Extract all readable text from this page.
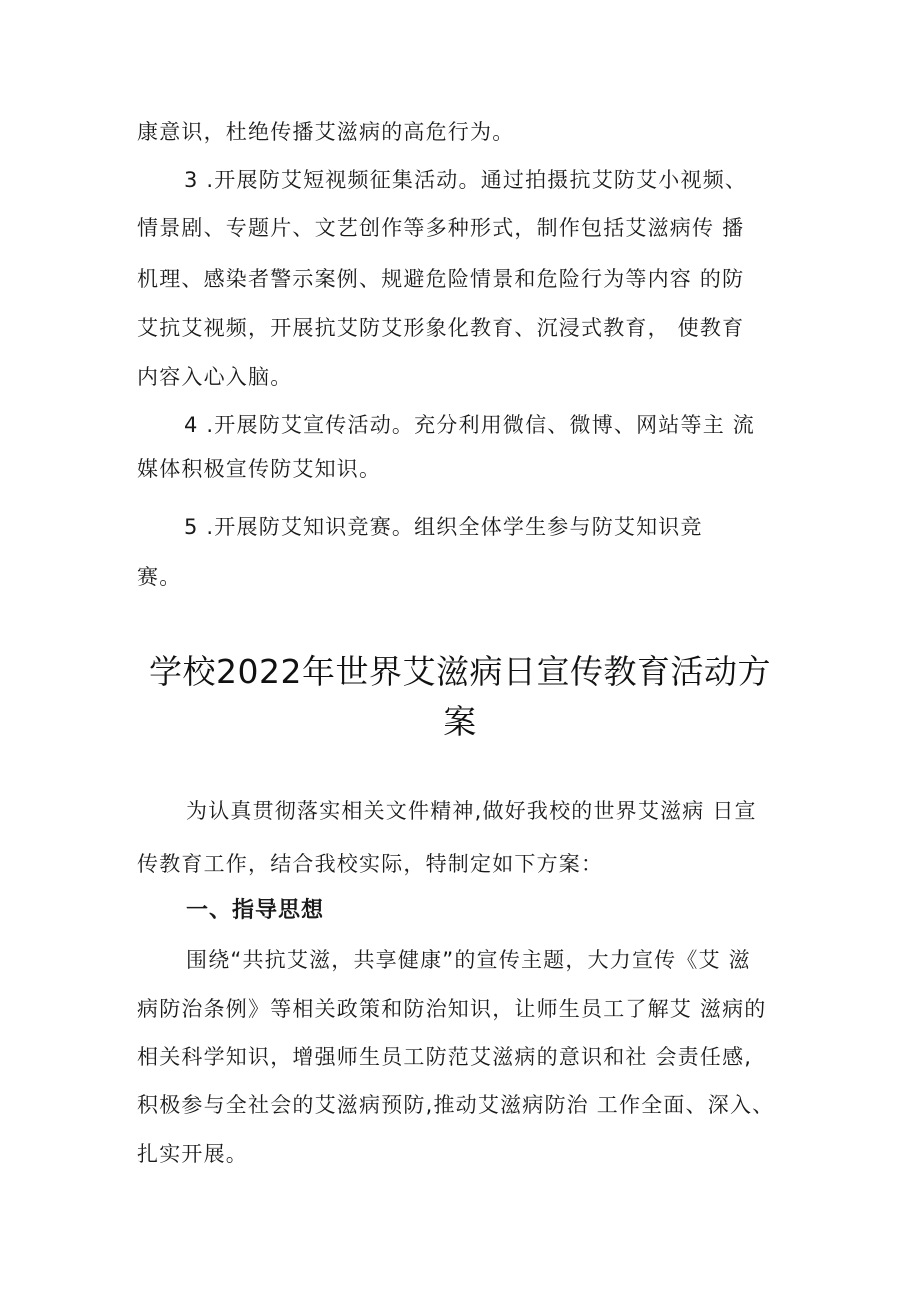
康意识，杜绝传播艾滋病的高危行为。
3 .开展防艾短视频征集活动。通过拍摄抗艾防艾小视频、
情景剧、专题片、文艺创作等多种形式，制作包括艾滋病传 播
机理、感染者警示案例、规避危险情景和危险行为等内容 的防
艾抗艾视频，开展抗艾防艾形象化教育、沉浸式教育， 使教育
内容入心入脑。
4 .开展防艾宣传活动。充分利用微信、微博、网站等主 流
媒体积极宣传防艾知识。
5 .开展防艾知识竞赛。组织全体学生参与防艾知识竞
赛。
学校2022年世界艾滋病日宣传教育活动方
案
为认真贯彻落实相关文件精神,做好我校的世界艾滋病 日宣
传教育工作，结合我校实际，特制定如下方案：
一、指导思想
围绕“共抗艾滋，共享健康”的宣传主题，大力宣传《艾 滋
病防治条例》等相关政策和防治知识，让师生员工了解艾 滋病的
相关科学知识，增强师生员工防范艾滋病的意识和社 会责任感,
积极参与全社会的艾滋病预防,推动艾滋病防治 工作全面、深入、
扎实开展。
